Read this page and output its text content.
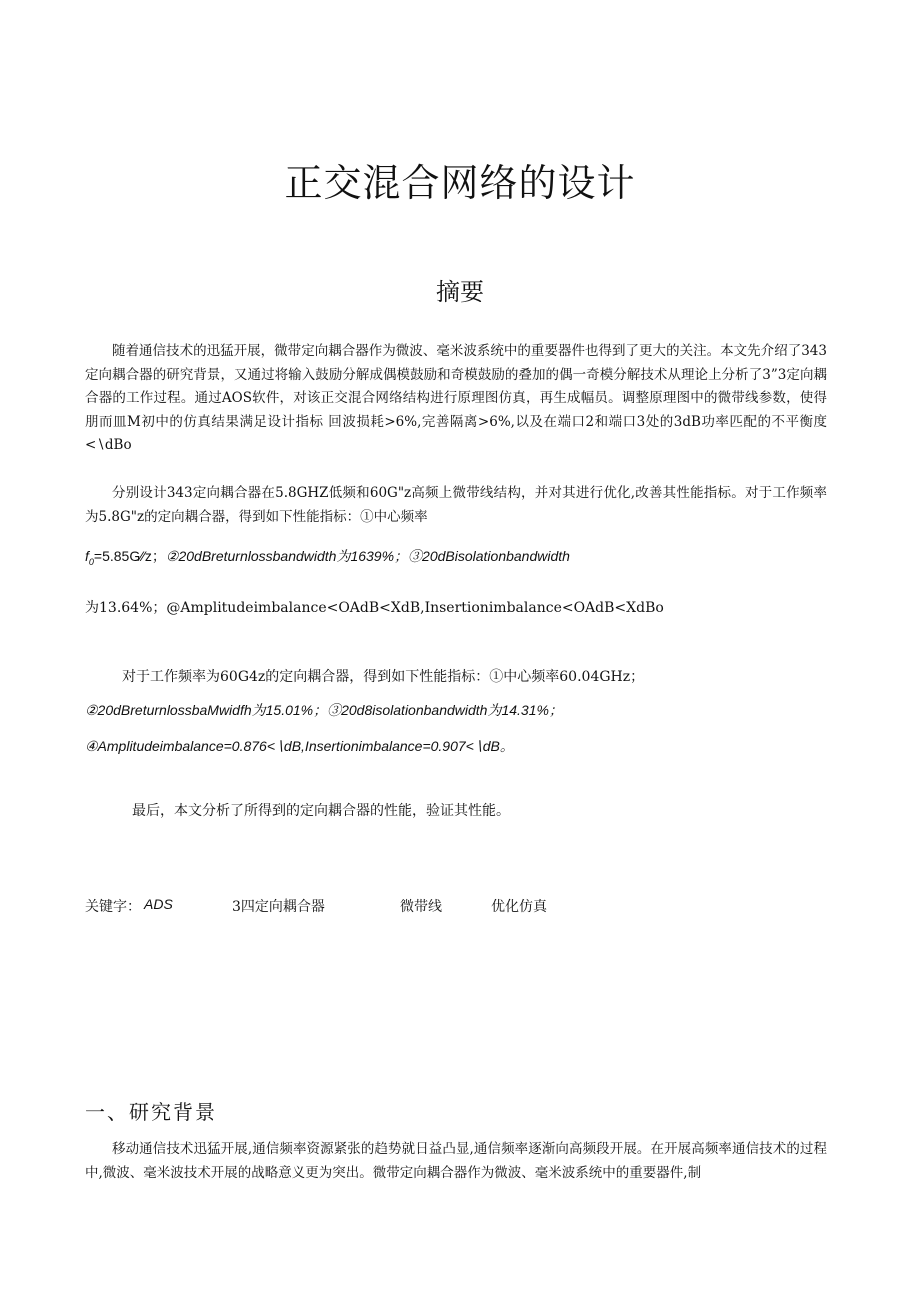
正交混合网络的设计
摘要

随着通信技术的迅猛开展，微带定向耦合器作为微波、毫米波系统中的重要器件也得到了更大的关注。本文先介绍了343定向耦合器的研究背景，又通过将输入鼓励分解成偶模鼓励和奇模鼓励的叠加的偶一奇模分解技术从理论上分析了3”3定向耦合器的工作过程。通过AOS软件，对该正交混合网络结构进行原理图仿真，再生成幅员。调整原理图中的微带线参数，使得朋而皿M初中的仿真结果满足设计指标 回波损耗>6%,完善隔离>6%,以及在端口2和端口3处的3dB功率匹配的不平衡度<∖dBo

分别设计343定向耦合器在5.8GHZ低频和60G"z高频上微带线结构，并对其进行优化,改善其性能指标。对于工作频率为5.8G"z的定向耦合器，得到如下性能指标：①中心频率

$f_0=5.85G⁄⁄z$；②20dBreturnlossbandwidth为1639%；③20dBisolationbandwidth

为13.64%；@Amplitudeimbalance<OAdB<XdB,Insertionimbalance<OAdB<XdBo

对于工作频率为60G4z的定向耦合器，得到如下性能指标：①中心频率60.04GHz；

②20dBreturnlossbaMwidfh为15.01%；③20d8isolationbandwidth为14.31%；

④Amplitudeimbalance=0.876<∖dB,Insertionimbalance=0.907<∖dB。

最后，本文分析了所得到的定向耦合器的性能，验证其性能。

关键字： ADS	3四定向耦合器	微带线	优化仿真
一、研究背景

移动通信技术迅猛开展,通信频率资源紧张的趋势就日益凸显,通信频率逐渐向高频段开展。在开展高频率通信技术的过程中,微波、毫米波技术开展的战略意义更为突出。微带定向耦合器作为微波、毫米波系统中的重要器件,制
